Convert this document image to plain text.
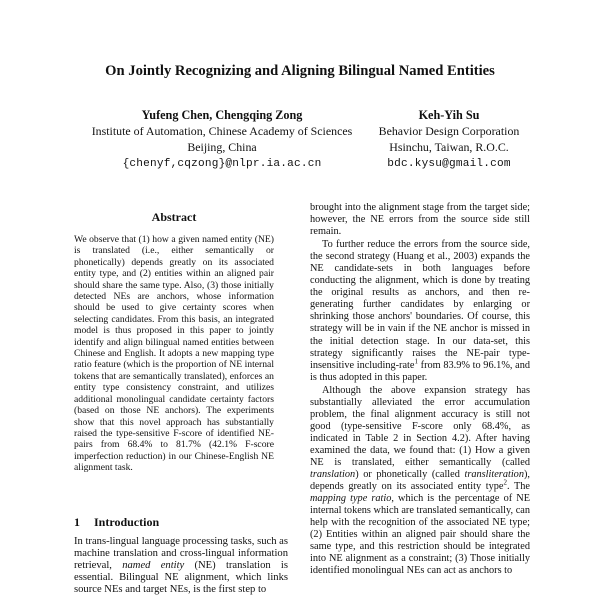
On Jointly Recognizing and Aligning Bilingual Named Entities
Yufeng Chen, Chengqing Zong
Institute of Automation, Chinese Academy of Sciences
Beijing, China
{chenyf,cqzong}@nlpr.ia.ac.cn
Keh-Yih Su
Behavior Design Corporation
Hsinchu, Taiwan, R.O.C.
bdc.kysu@gmail.com
Abstract

We observe that (1) how a given named entity (NE) is translated (i.e., either semantically or phonetically) depends greatly on its associated entity type, and (2) entities within an aligned pair should share the same type. Also, (3) those initially detected NEs are anchors, whose information should be used to give certainty scores when selecting candidates. From this basis, an integrated model is thus proposed in this paper to jointly identify and align bilingual named entities between Chinese and English. It adopts a new mapping type ratio feature (which is the proportion of NE internal tokens that are semantically translated), enforces an entity type consistency constraint, and utilizes additional monolingual candidate certainty factors (based on those NE anchors). The experiments show that this novel approach has substantially raised the type-sensitive F-score of identified NE-pairs from 68.4% to 81.7% (42.1% F-score imperfection reduction) in our Chinese-English NE alignment task.

1 Introduction

In trans-lingual language processing tasks, such as machine translation and cross-lingual information retrieval, named entity (NE) translation is essential. Bilingual NE alignment, which links source NEs and target NEs, is the first step to

brought into the alignment stage from the target side; however, the NE errors from the source side still remain.

To further reduce the errors from the source side, the second strategy (Huang et al., 2003) expands the NE candidate-sets in both languages before conducting the alignment, which is done by treating the original results as anchors, and then re-generating further candidates by enlarging or shrinking those anchors' boundaries. Of course, this strategy will be in vain if the NE anchor is missed in the initial detection stage. In our data-set, this strategy significantly raises the NE-pair type-insensitive including-rate$^1$ from 83.9% to 96.1%, and is thus adopted in this paper.

Although the above expansion strategy has substantially alleviated the error accumulation problem, the final alignment accuracy is still not good (type-sensitive F-score only 68.4%, as indicated in Table 2 in Section 4.2). After having examined the data, we found that: (1) How a given NE is translated, either semantically (called translation) or phonetically (called transliteration), depends greatly on its associated entity type$^2$. The mapping type ratio, which is the percentage of NE internal tokens which are translated semantically, can help with the recognition of the associated NE type; (2) Entities within an aligned pair should share the same type, and this restriction should be integrated into NE alignment as a constraint; (3) Those initially identified monolingual NEs can act as anchors to
